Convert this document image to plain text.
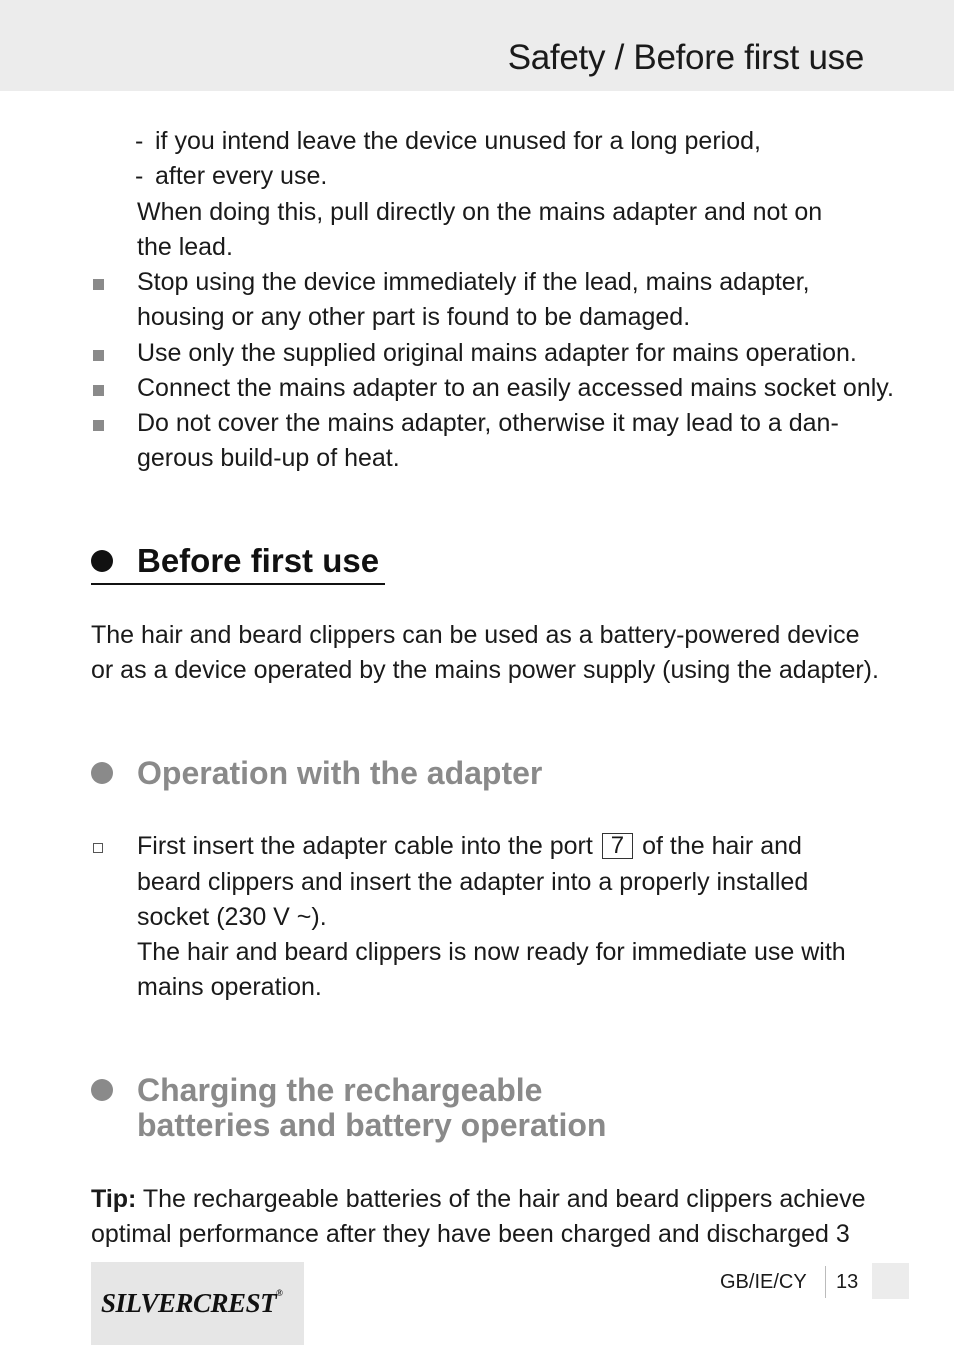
Safety / Before first use
- if you intend leave the device unused for a long period,
- after every use.
When doing this, pull directly on the mains adapter and not on
the lead.
Stop using the device immediately if the lead, mains adapter,
housing or any other part is found to be damaged.
Use only the supplied original mains adapter for mains operation.
Connect the mains adapter to an easily accessed mains socket only.
Do not cover the mains adapter, otherwise it may lead to a dan-
gerous build-up of heat.
Before first use
The hair and beard clippers can be used as a battery-powered device
or as a device operated by the mains power supply (using the adapter).
Operation with the adapter
First insert the adapter cable into the port 7 of the hair and
beard clippers and insert the adapter into a properly installed
socket (230 V ~).
The hair and beard clippers is now ready for immediate use with
mains operation.
Charging the rechargeable
batteries and battery operation
Tip: The rechargeable batteries of the hair and beard clippers achieve
optimal performance after they have been charged and discharged 3
SILVERCREST®	GB/IE/CY 13
